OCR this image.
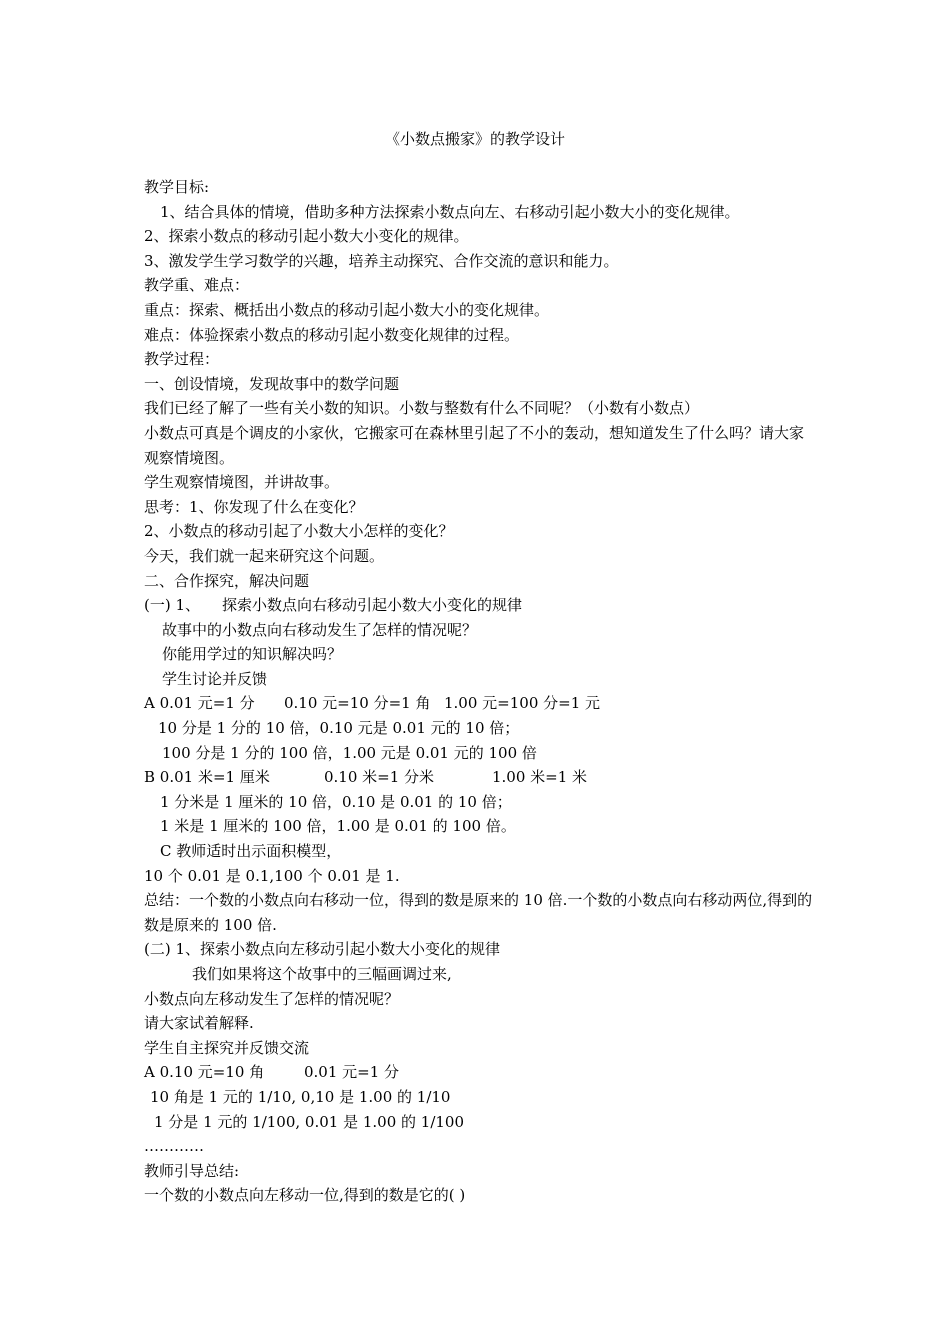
《小数点搬家》的教学设计
教学目标:
1、结合具体的情境，借助多种方法探索小数点向左、右移动引起小数大小的变化规律。
2、探索小数点的移动引起小数大小变化的规律。
3、激发学生学习数学的兴趣，培养主动探究、合作交流的意识和能力。
教学重、难点：
重点：探索、概括出小数点的移动引起小数大小的变化规律。
难点：体验探索小数点的移动引起小数变化规律的过程。
教学过程：
一、创设情境，发现故事中的数学问题
我们已经了解了一些有关小数的知识。小数与整数有什么不同呢？（小数有小数点）
小数点可真是个调皮的小家伙，它搬家可在森林里引起了不小的轰动，想知道发生了什么吗？请大家观察情境图。
学生观察情境图，并讲故事。
思考：1、你发现了什么在变化？
2、小数点的移动引起了小数大小怎样的变化？
今天，我们就一起来研究这个问题。
二、合作探究，解决问题
(一) 1、 探索小数点向右移动引起小数大小变化的规律
故事中的小数点向右移动发生了怎样的情况呢？
你能用学过的知识解决吗？
学生讨论并反馈
A 0.01 元=1 分 0.10 元=10 分=1 角 1.00 元=100 分=1 元
10 分是 1 分的 10 倍，0.10 元是 0.01 元的 10 倍；
100 分是 1 分的 100 倍，1.00 元是 0.01 元的 100 倍
B 0.01 米=1 厘米	0.10 米=1 分米	1.00 米=1 米
1 分米是 1 厘米的 10 倍，0.10 是 0.01 的 10 倍；
1 米是 1 厘米的 100 倍，1.00 是 0.01 的 100 倍。
C 教师适时出示面积模型，
10 个 0.01 是 0.1,100 个 0.01 是 1.
总结：一个数的小数点向右移动一位，得到的数是原来的 10 倍.一个数的小数点向右移动两位,得到的数是原来的 100 倍.
(二) 1、探索小数点向左移动引起小数大小变化的规律
我们如果将这个故事中的三幅画调过来,
小数点向左移动发生了怎样的情况呢？
请大家试着解释.
学生自主探究并反馈交流
A 0.10 元=10 角	0.01 元=1 分
10 角是 1 元的 1/10, 0,10 是 1.00 的 1/10
1 分是 1 元的 1/100, 0.01 是 1.00 的 1/100
…………
教师引导总结:
一个数的小数点向左移动一位,得到的数是它的( )
